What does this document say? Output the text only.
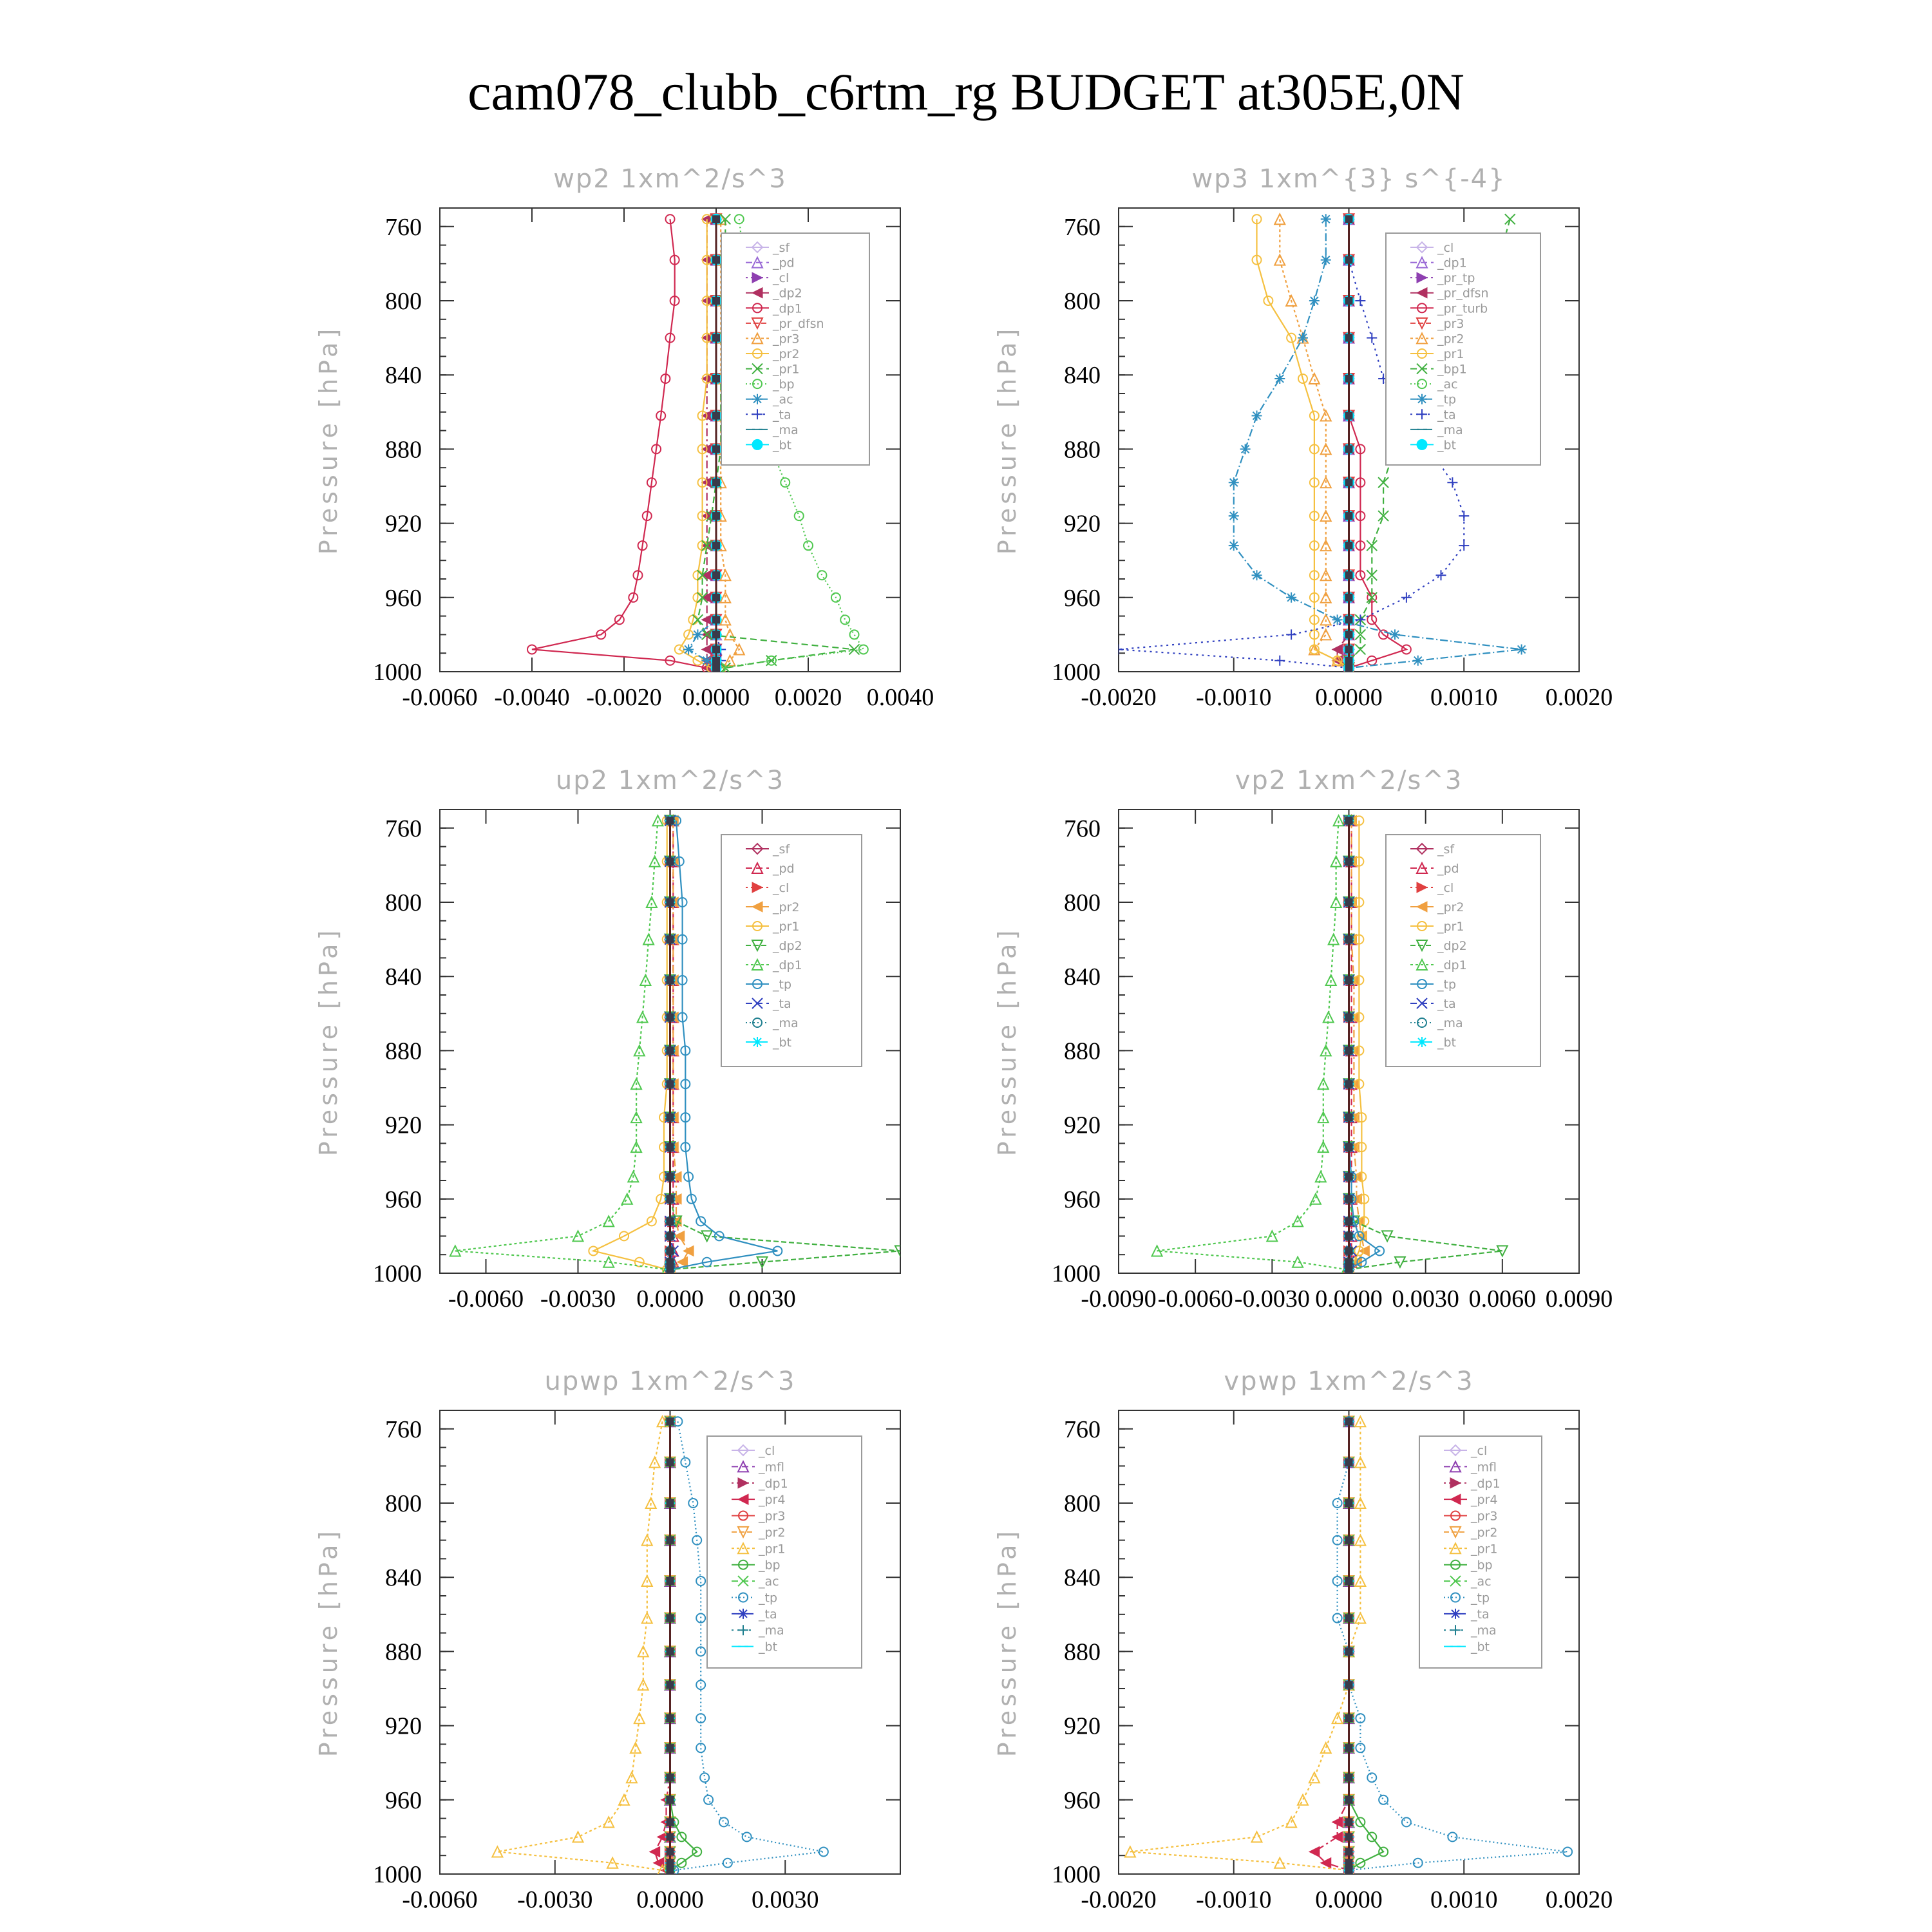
cam078_clubb_c6rtm_rg BUDGET at305E,0N
wp2 1xm^2/s^3
Pressure [hPa]
760
800
840
880
920
960
1000
-0.0060 -0.0040 -0.0020 0.0000 0.0020 0.0040
_sf
_pd
_cl
_dp2
_dp1
_pr_dfsn
_pr3
_pr2
_pr1
_bp
_ac
_ta
_ma
_bt
wp3 1xm^{3} s^{-4}
Pressure [hPa]
760
800
840
880
920
960
1000
-0.0020 -0.0010 0.0000 0.0010 0.0020
_cl
_dp1
_pr_tp
_pr_dfsn
_pr_turb
_pr3
_pr2
_pr1
_bp1
_ac
_tp
_ta
_ma
_bt
up2 1xm^2/s^3
Pressure [hPa]
760
800
840
880
920
960
1000
-0.0060 -0.0030 0.0000 0.0030
_sf
_pd
_cl
_pr2
_pr1
_dp2
_dp1
_tp
_ta
_ma
_bt
vp2 1xm^2/s^3
Pressure [hPa]
760
800
840
880
920
960
1000
-0.0090 -0.0060 -0.0030 0.0000 0.0030 0.0060 0.0090
_sf
_pd
_cl
_pr2
_pr1
_dp2
_dp1
_tp
_ta
_ma
_bt
upwp 1xm^2/s^3
Pressure [hPa]
760
800
840
880
920
960
1000
-0.0060 -0.0030 0.0000 0.0030
_cl
_mfl
_dp1
_pr4
_pr3
_pr2
_pr1
_bp
_ac
_tp
_ta
_ma
_bt
vpwp 1xm^2/s^3
Pressure [hPa]
760
800
840
880
920
960
1000
-0.0020 -0.0010 0.0000 0.0010 0.0020
_cl
_mfl
_dp1
_pr4
_pr3
_pr2
_pr1
_bp
_ac
_tp
_ta
_ma
_bt
